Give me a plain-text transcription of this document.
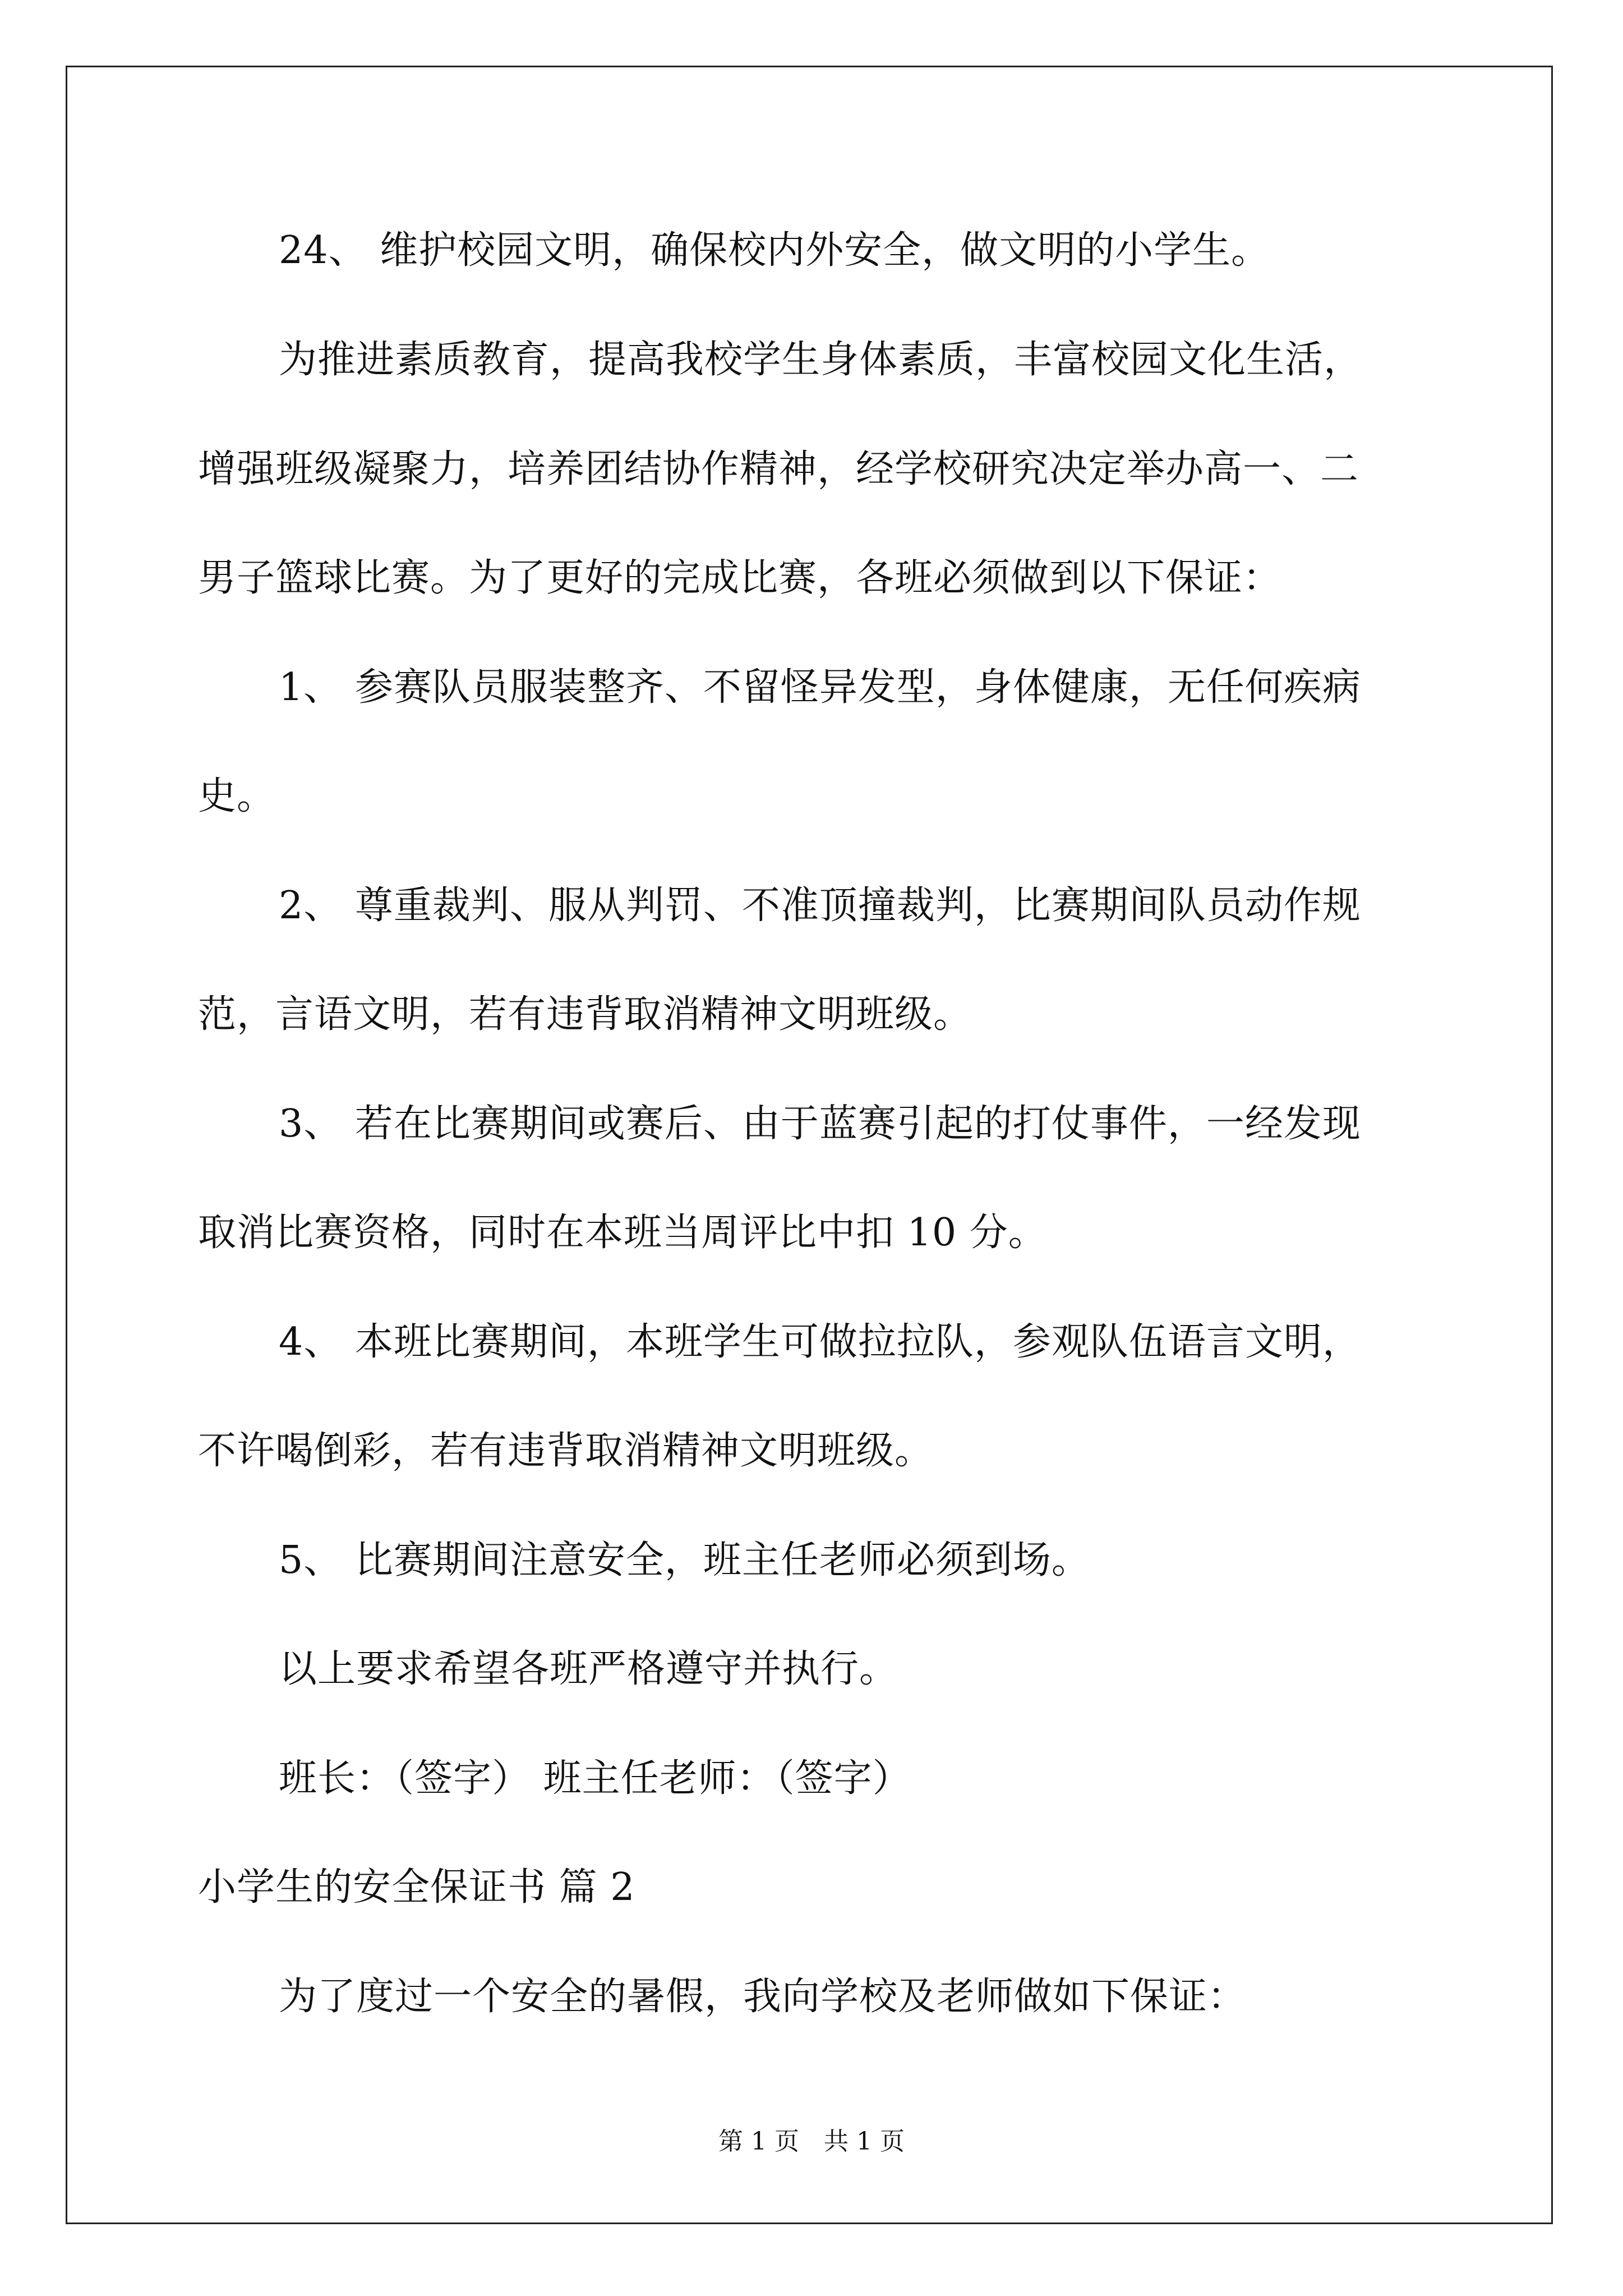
24、 维护校园文明，确保校内外安全，做文明的小学生。
为推进素质教育，提高我校学生身体素质，丰富校园文化生活，
增强班级凝聚力，培养团结协作精神，经学校研究决定举办高一、二
男子篮球比赛。为了更好的完成比赛，各班必须做到以下保证：
1、 参赛队员服装整齐、不留怪异发型，身体健康，无任何疾病
史。
2、 尊重裁判、服从判罚、不准顶撞裁判，比赛期间队员动作规
范，言语文明，若有违背取消精神文明班级。
3、 若在比赛期间或赛后、由于蓝赛引起的打仗事件，一经发现
取消比赛资格，同时在本班当周评比中扣 10 分。
4、 本班比赛期间，本班学生可做拉拉队，参观队伍语言文明，
不许喝倒彩，若有违背取消精神文明班级。
5、 比赛期间注意安全，班主任老师必须到场。
以上要求希望各班严格遵守并执行。
班长：（签字） 班主任老师：（签字）
小学生的安全保证书 篇 2
为了度过一个安全的暑假，我向学校及老师做如下保证：
第 1 页　共 1 页
